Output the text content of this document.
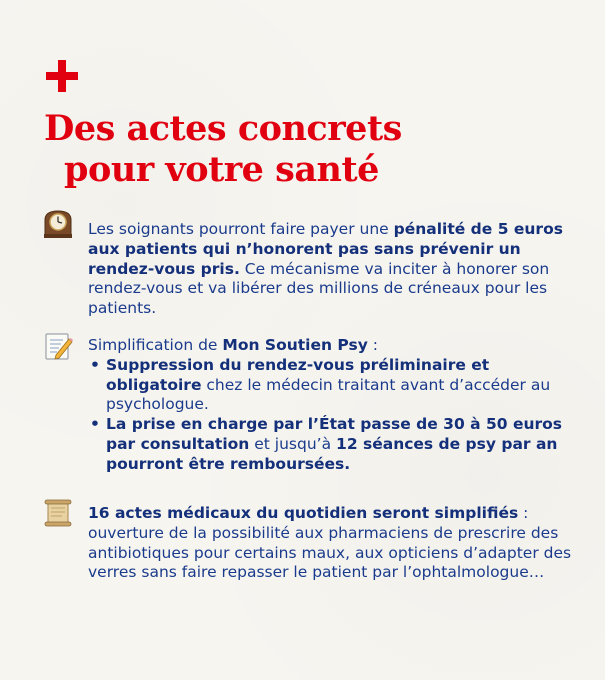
Des actes concrets
pour votre santé
Les soignants pourront faire payer une pénalité de 5 euros aux patients qui n’honorent pas sans prévenir un rendez-vous pris. Ce mécanisme va inciter à honorer son rendez-vous et va libérer des millions de créneaux pour les patients.
Simplification de Mon Soutien Psy :
• Suppression du rendez-vous préliminaire et obligatoire chez le médecin traitant avant d’accéder au psychologue.
• La prise en charge par l’État passe de 30 à 50 euros par consultation et jusqu’à 12 séances de psy par an pourront être remboursées.
16 actes médicaux du quotidien seront simplifiés : ouverture de la possibilité aux pharmaciens de prescrire des antibiotiques pour certains maux, aux opticiens d’adapter des verres sans faire repasser le patient par l’ophtalmologue…
